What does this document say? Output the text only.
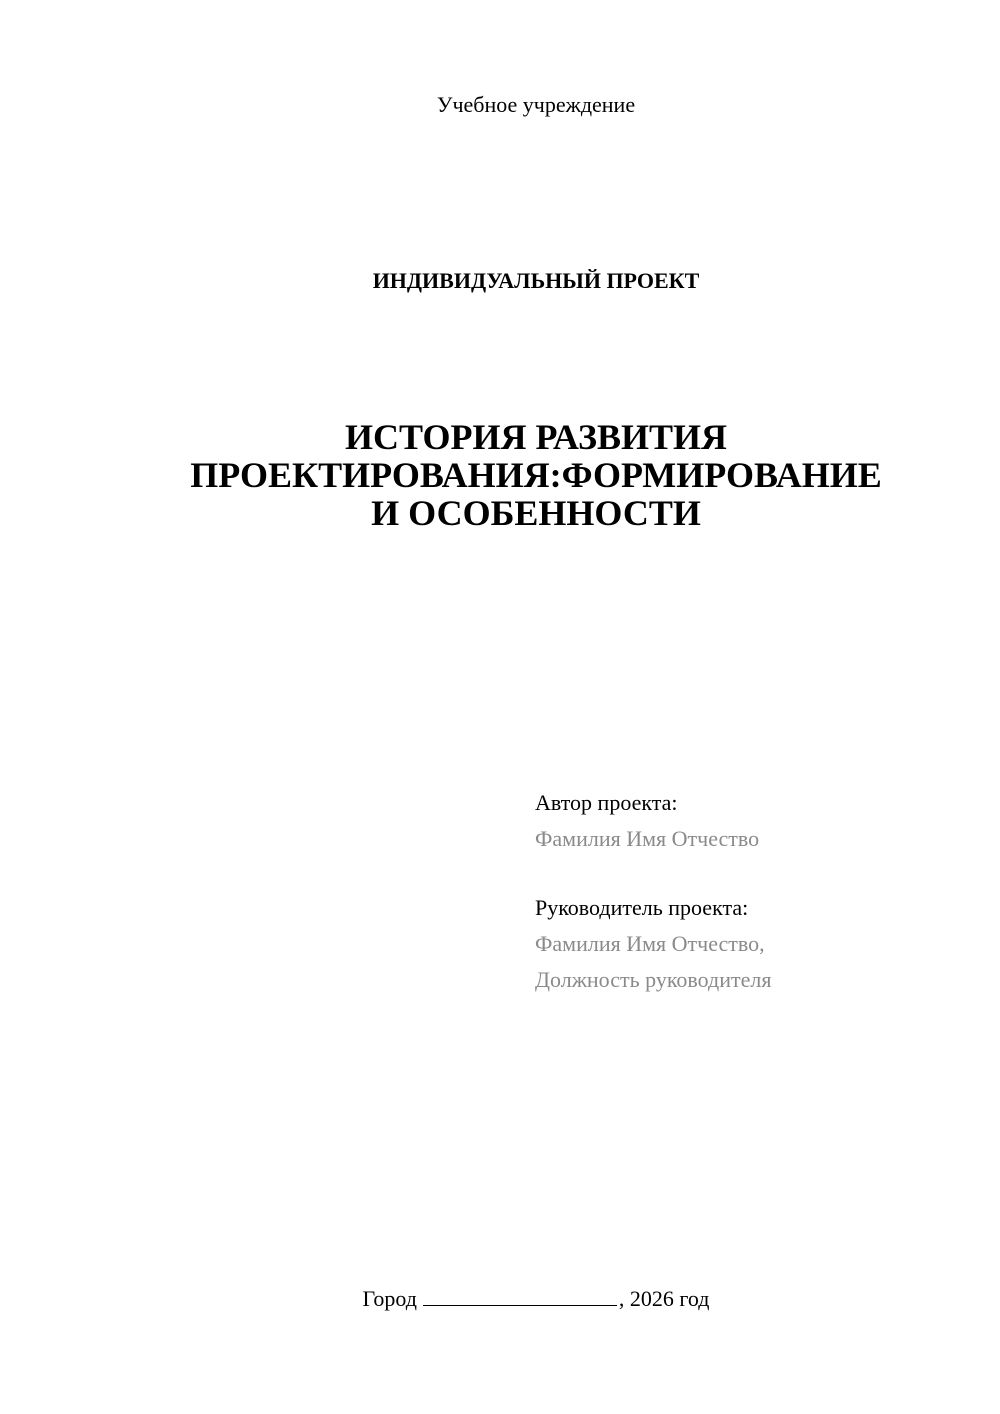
Учебное учреждение
ИНДИВИДУАЛЬНЫЙ ПРОЕКТ
ИСТОРИЯ РАЗВИТИЯ
ПРОЕКТИРОВАНИЯ:ФОРМИРОВАНИЕ
И ОСОБЕННОСТИ
Автор проекта:
Фамилия Имя Отчество
Руководитель проекта:
Фамилия Имя Отчество,
Должность руководителя
Город	, 2026 год
